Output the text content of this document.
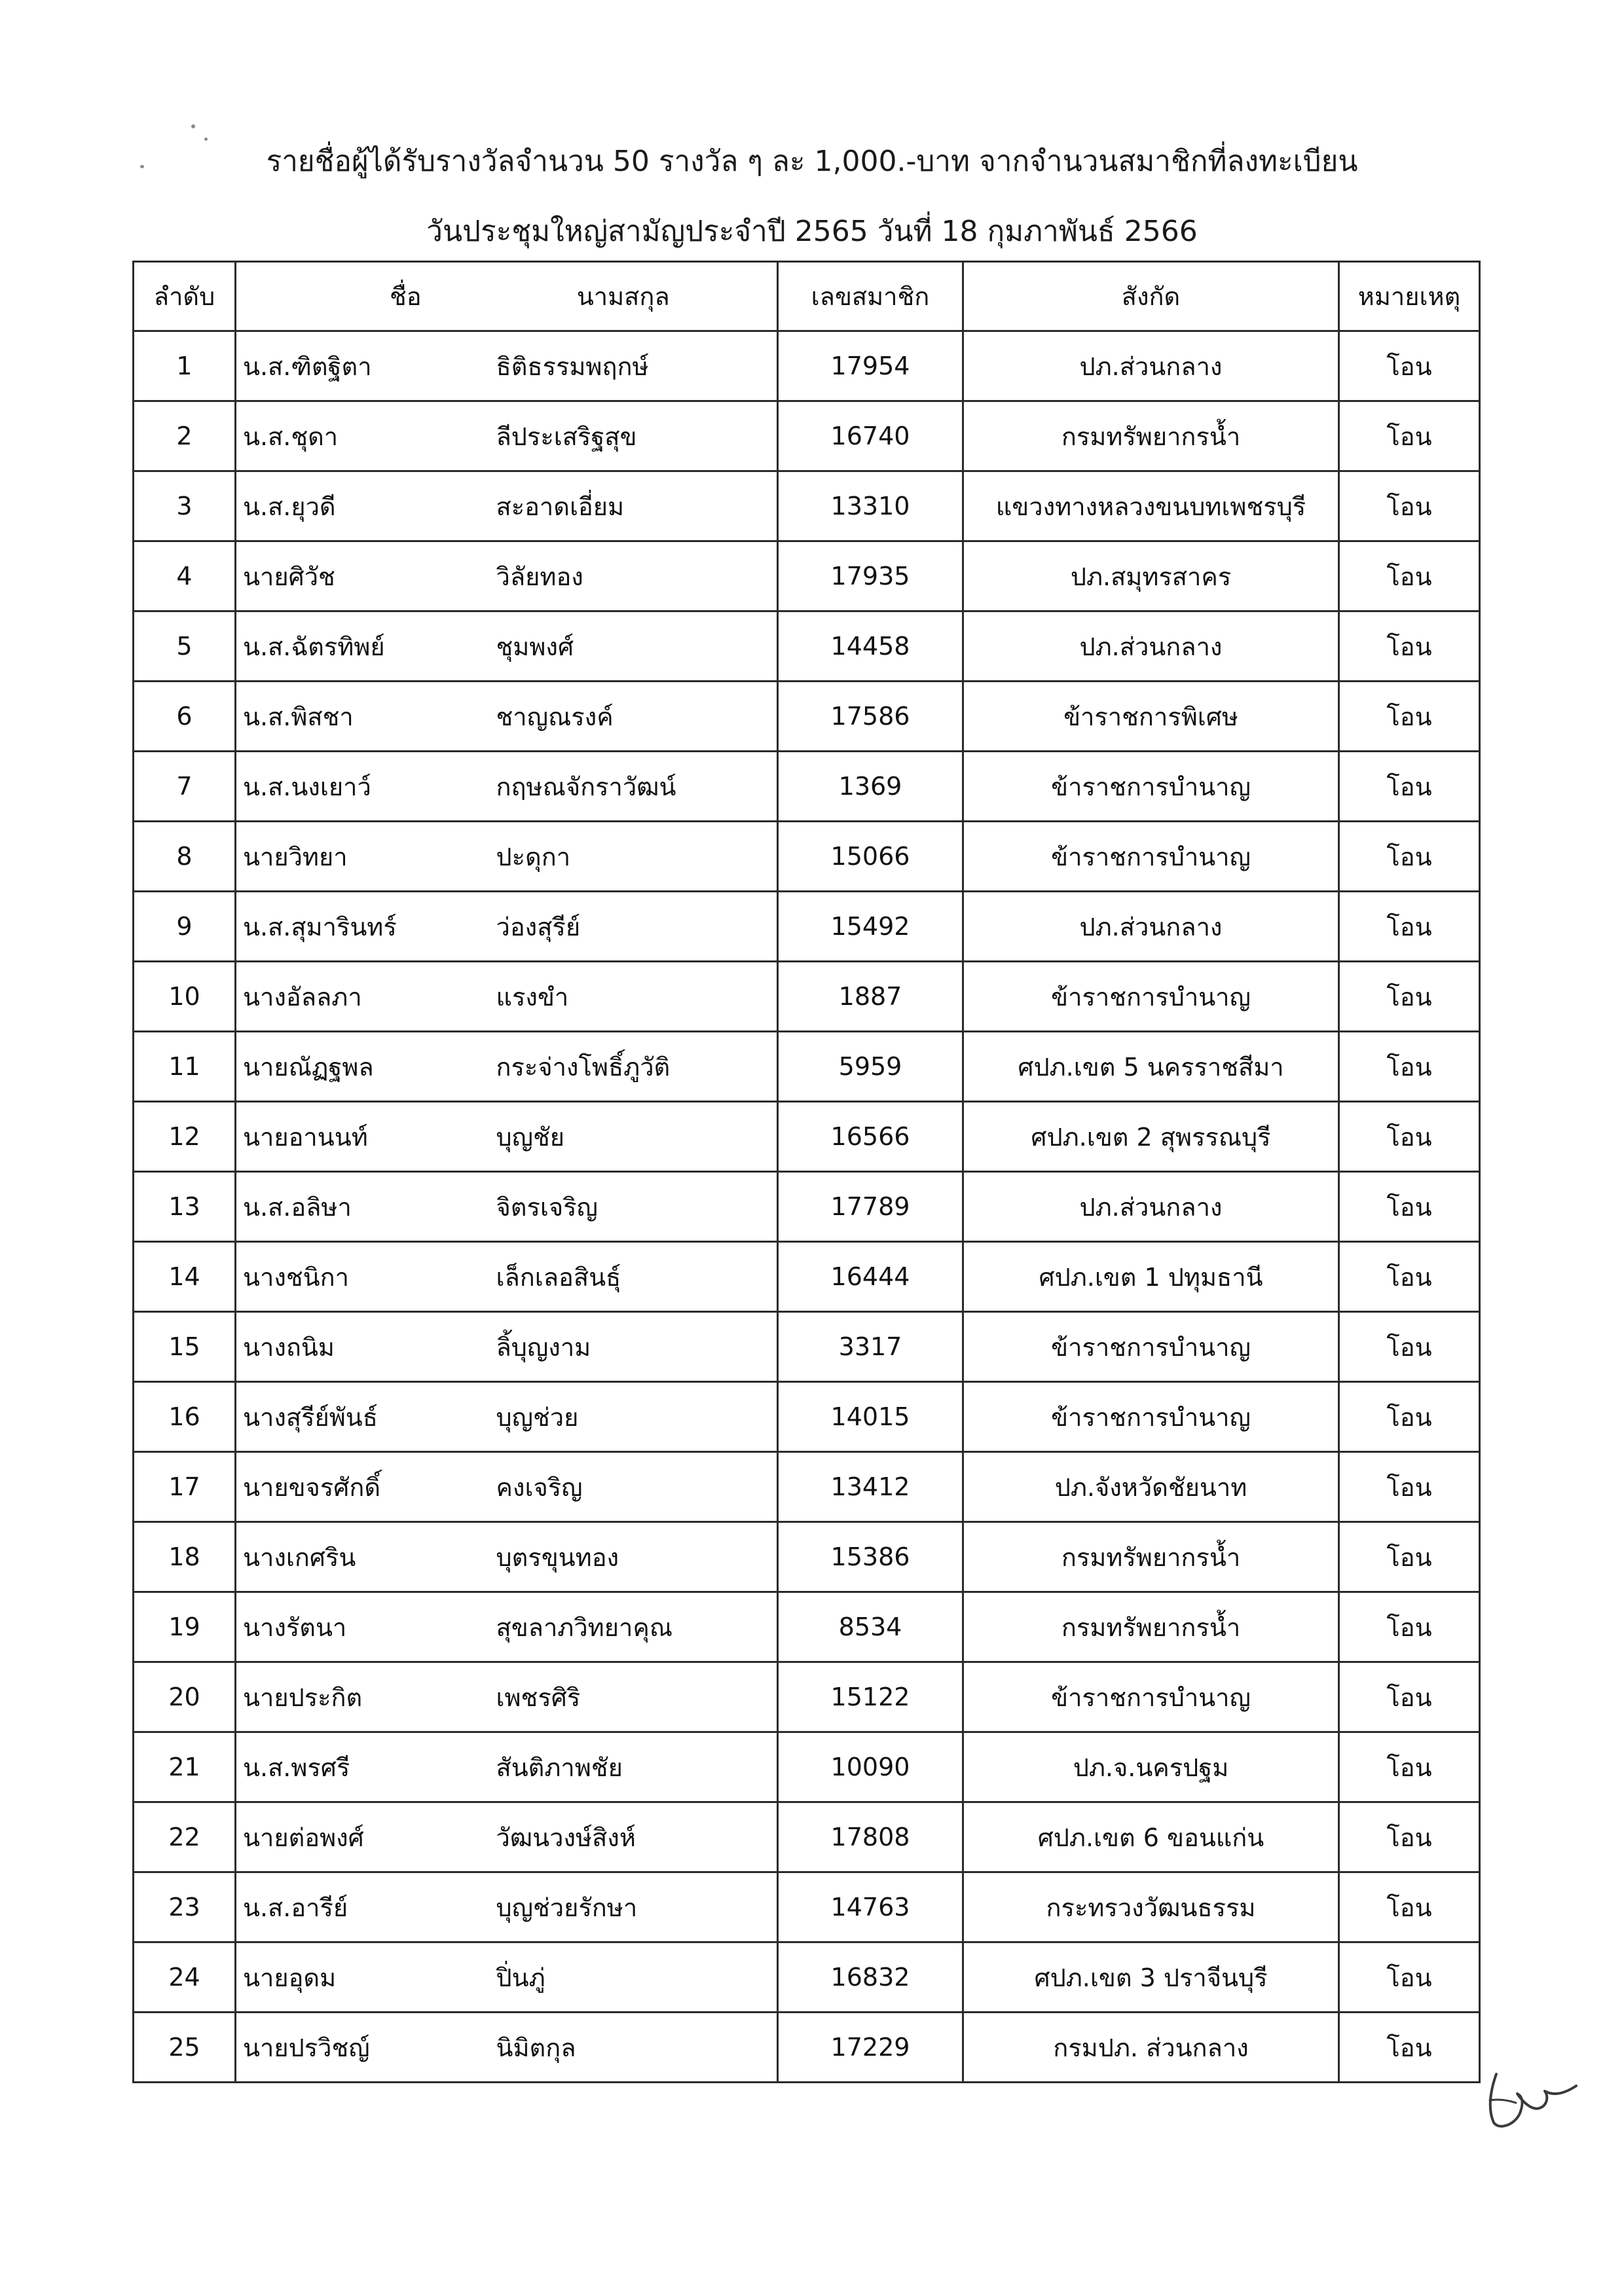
รายชื่อผู้ได้รับรางวัลจำนวน 50 รางวัล ๆ ละ 1,000.-บาท จากจำนวนสมาชิกที่ลงทะเบียน
วันประชุมใหญ่สามัญประจำปี 2565 วันที่ 18 กุมภาพันธ์ 2566
ลำดับ	ชื่อ	นามสกุล	เลขสมาชิก	สังกัด	หมายเหตุ
1	น.ส.ฑิตฐิตา	ธิติธรรมพฤกษ์	17954	ปภ.ส่วนกลาง	โอน
2	น.ส.ชุดา	ลีประเสริฐสุข	16740	กรมทรัพยากรน้ำ	โอน
3	น.ส.ยุวดี	สะอาดเอี่ยม	13310	แขวงทางหลวงขนบทเพชรบุรี	โอน
4	นายศิวัช	วิลัยทอง	17935	ปภ.สมุทรสาคร	โอน
5	น.ส.ฉัตรทิพย์	ชุมพงศ์	14458	ปภ.ส่วนกลาง	โอน
6	น.ส.พิสชา	ชาญณรงค์	17586	ข้าราชการพิเศษ	โอน
7	น.ส.นงเยาว์	กฤษณจักราวัฒน์	1369	ข้าราชการบำนาญ	โอน
8	นายวิทยา	ปะดุกา	15066	ข้าราชการบำนาญ	โอน
9	น.ส.สุมารินทร์	ว่องสุรีย์	15492	ปภ.ส่วนกลาง	โอน
10	นางอัลลภา	แรงขำ	1887	ข้าราชการบำนาญ	โอน
11	นายณัฏฐพล	กระจ่างโพธิ์ภูวัติ	5959	ศปภ.เขต 5 นครราชสีมา	โอน
12	นายอานนท์	บุญชัย	16566	ศปภ.เขต 2 สุพรรณบุรี	โอน
13	น.ส.อลิษา	จิตรเจริญ	17789	ปภ.ส่วนกลาง	โอน
14	นางชนิกา	เล็กเลอสินธุ์	16444	ศปภ.เขต 1 ปทุมธานี	โอน
15	นางถนิม	ลิ้บุญงาม	3317	ข้าราชการบำนาญ	โอน
16	นางสุรีย์พันธ์	บุญช่วย	14015	ข้าราชการบำนาญ	โอน
17	นายขจรศักดิ์	คงเจริญ	13412	ปภ.จังหวัดชัยนาท	โอน
18	นางเกศริน	บุตรขุนทอง	15386	กรมทรัพยากรน้ำ	โอน
19	นางรัตนา	สุขลาภวิทยาคุณ	8534	กรมทรัพยากรน้ำ	โอน
20	นายประกิต	เพชรศิริ	15122	ข้าราชการบำนาญ	โอน
21	น.ส.พรศรี	สันติภาพชัย	10090	ปภ.จ.นครปฐม	โอน
22	นายต่อพงศ์	วัฒนวงษ์สิงห์	17808	ศปภ.เขต 6 ขอนแก่น	โอน
23	น.ส.อารีย์	บุญช่วยรักษา	14763	กระทรวงวัฒนธรรม	โอน
24	นายอุดม	ปิ่นภู่	16832	ศปภ.เขต 3 ปราจีนบุรี	โอน
25	นายปรวิชญ์	นิมิตกุล	17229	กรมปภ. ส่วนกลาง	โอน
